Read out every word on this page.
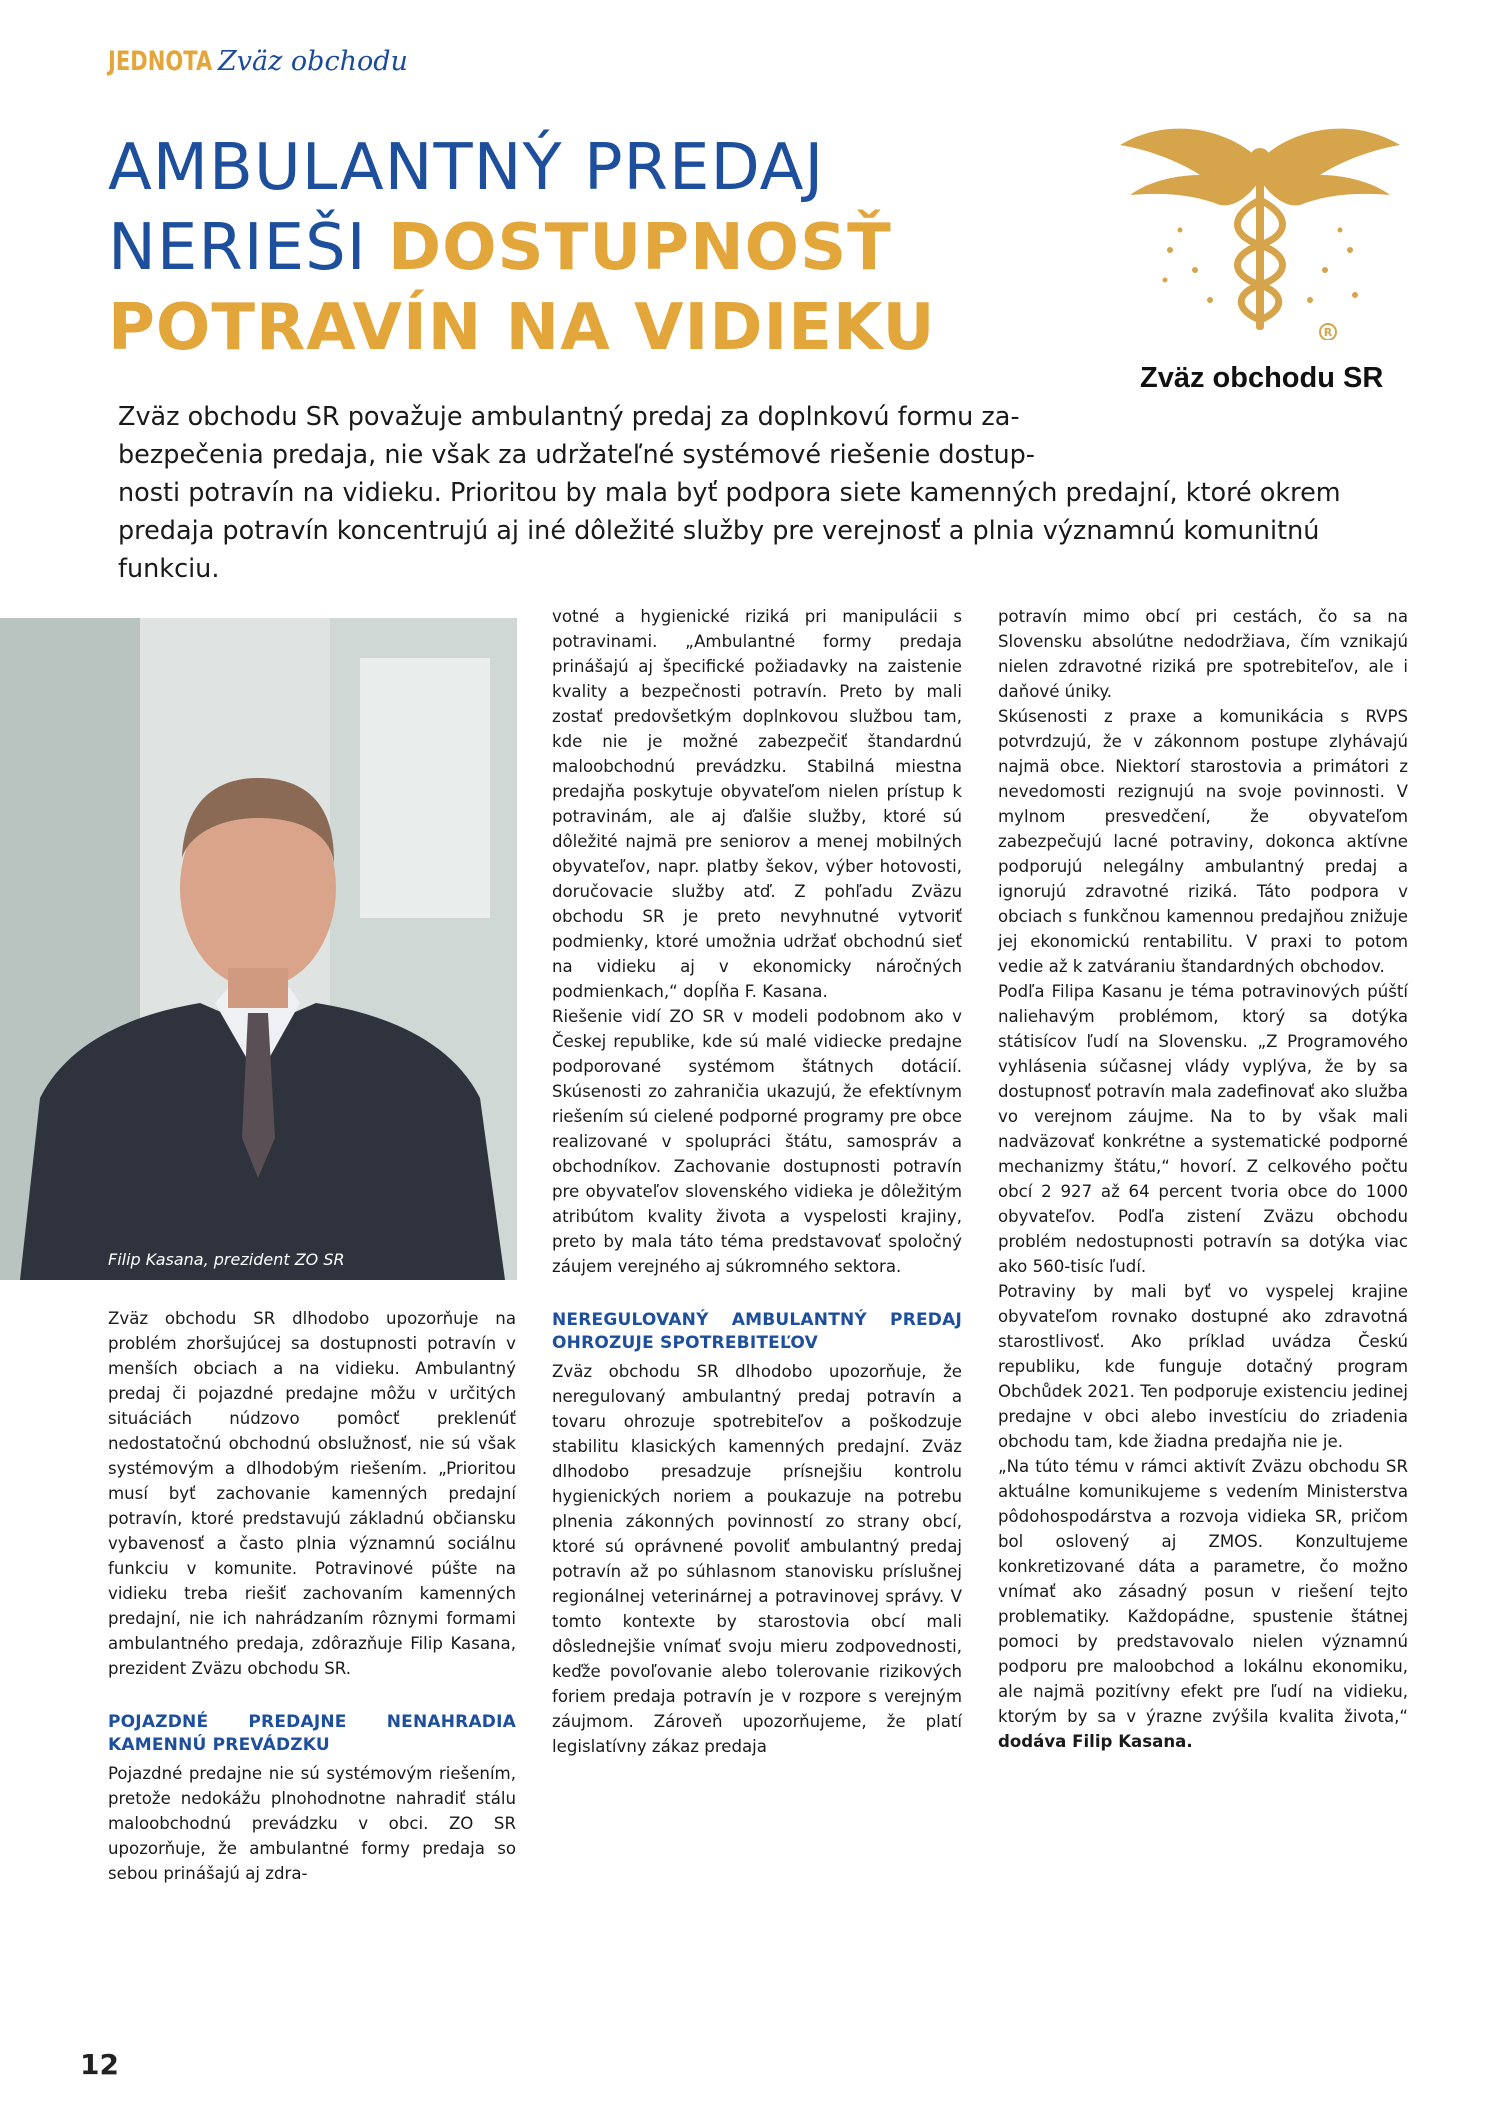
JEDNOTA Zväz obchodu
AMBULANTNÝ PREDAJ
NERIEŠI DOSTUPNOSŤ
POTRAVÍN NA VIDIEKU	R
Zväz obchodu SR
Zväz obchodu SR považuje ambulantný predaj za doplnkovú formu za-
bezpečenia predaja, nie však za udržateľné systémové riešenie dostup-
nosti potravín na vidieku. Prioritou by mala byť podpora siete kamenných predajní, ktoré okrem
predaja potravín koncentrujú aj iné dôležité služby pre verejnosť a plnia významnú komunitnú
funkciu.
Filip Kasana, prezident ZO SR

Zväz obchodu SR dlhodobo upozorňuje na problém zhoršujúcej sa dostupnosti potravín v menších obciach a na vidieku. Ambulantný predaj či pojazdné predajne môžu v určitých situáciách núdzovo pomôcť preklenúť nedostatočnú obchodnú obslužnosť, nie sú však systémovým a dlhodobým riešením. „Prioritou musí byť zachovanie kamenných predajní potravín, ktoré predstavujú základnú občiansku vybavenosť a často plnia významnú sociálnu funkciu v komunite. Potravinové púšte na vidieku treba riešiť zachovaním kamenných predajní, nie ich nahrádzaním rôznymi formami ambulantného predaja, zdôrazňuje Filip Kasana, prezident Zväzu obchodu SR.

POJAZDNÉ PREDAJNE NENAHRADIA KAMENNÚ PREVÁDZKU

Pojazdné predajne nie sú systémovým riešením, pretože nedokážu plnohodnotne nahradiť stálu maloobchodnú prevádzku v obci. ZO SR upozorňuje, že ambulantné formy predaja so sebou prinášajú aj zdra-

votné a hygienické riziká pri manipulácii s potravinami. „Ambulantné formy predaja prinášajú aj špecifické požiadavky na zaistenie kvality a bezpečnosti potravín. Preto by mali zostať predovšetkým doplnkovou službou tam, kde nie je možné zabezpečiť štandardnú maloobchodnú prevádzku. Stabilná miestna predajňa poskytuje obyvateľom nielen prístup k potravinám, ale aj ďalšie služby, ktoré sú dôležité najmä pre seniorov a menej mobilných obyvateľov, napr. platby šekov, výber hotovosti, doručovacie služby atď. Z pohľadu Zväzu obchodu SR je preto nevyhnutné vytvoriť podmienky, ktoré umožnia udržať obchodnú sieť na vidieku aj v ekonomicky náročných podmienkach,“ dopĺňa F. Kasana.

Riešenie vidí ZO SR v modeli podobnom ako v Českej republike, kde sú malé vidiecke predajne podporované systémom štátnych dotácií. Skúsenosti zo zahraničia ukazujú, že efektívnym riešením sú cielené podporné programy pre obce realizované v spolupráci štátu, samospráv a obchodníkov. Zachovanie dostupnosti potravín pre obyvateľov slovenského vidieka je dôležitým atribútom kvality života a vyspelosti krajiny, preto by mala táto téma predstavovať spoločný záujem verejného aj súkromného sektora.

NEREGULOVANÝ AMBULANTNÝ PREDAJ OHROZUJE SPOTREBITEĽOV

Zväz obchodu SR dlhodobo upozorňuje, že neregulovaný ambulantný predaj potravín a tovaru ohrozuje spotrebiteľov a poškodzuje stabilitu klasických kamenných predajní. Zväz dlhodobo presadzuje prísnejšiu kontrolu hygienických noriem a poukazuje na potrebu plnenia zákonných povinností zo strany obcí, ktoré sú oprávnené povoliť ambulantný predaj potravín až po súhlasnom stanovisku príslušnej regionálnej veterinárnej a potravinovej správy. V tomto kontexte by starostovia obcí mali dôslednejšie vnímať svoju mieru zodpovednosti, keďže povoľovanie alebo tolerovanie rizikových foriem predaja potravín je v rozpore s verejným záujmom. Zároveň upozorňujeme, že platí legislatívny zákaz predaja

potravín mimo obcí pri cestách, čo sa na Slovensku absolútne nedodržiava, čím vznikajú nielen zdravotné riziká pre spotrebiteľov, ale i daňové úniky.

Skúsenosti z praxe a komunikácia s RVPS potvrdzujú, že v zákonnom postupe zlyhávajú najmä obce. Niektorí starostovia a primátori z nevedomosti rezignujú na svoje povinnosti. V mylnom presvedčení, že obyvateľom zabezpečujú lacné potraviny, dokonca aktívne podporujú nelegálny ambulantný predaj a ignorujú zdravotné riziká. Táto podpora v obciach s funkčnou kamennou predajňou znižuje jej ekonomickú rentabilitu. V praxi to potom vedie až k zatváraniu štandardných obchodov.

Podľa Filipa Kasanu je téma potravinových púští naliehavým problémom, ktorý sa dotýka státisícov ľudí na Slovensku. „Z Programového vyhlásenia súčasnej vlády vyplýva, že by sa dostupnosť potravín mala zadefinovať ako služba vo verejnom záujme. Na to by však mali nadväzovať konkrétne a systematické podporné mechanizmy štátu,“ hovorí. Z celkového počtu obcí 2 927 až 64 percent tvoria obce do 1000 obyvateľov. Podľa zistení Zväzu obchodu problém nedostupnosti potravín sa dotýka viac ako 560-tisíc ľudí.

Potraviny by mali byť vo vyspelej krajine obyvateľom rovnako dostupné ako zdravotná starostlivosť. Ako príklad uvádza Českú republiku, kde funguje dotačný program Obchůdek 2021. Ten podporuje existenciu jedinej predajne v obci alebo investíciu do zriadenia obchodu tam, kde žiadna predajňa nie je.

„Na túto tému v rámci aktivít Zväzu obchodu SR aktuálne komunikujeme s vedením Ministerstva pôdohospodárstva a rozvoja vidieka SR, pričom bol oslovený aj ZMOS. Konzultujeme konkretizované dáta a parametre, čo možno vnímať ako zásadný posun v riešení tejto problematiky. Každopádne, spustenie štátnej pomoci by predstavovalo nielen významnú podporu pre maloobchod a lokálnu ekonomiku, ale najmä pozitívny efekt pre ľudí na vidieku, ktorým by sa v ýrazne zvýšila kvalita života,“ dodáva Filip Kasana.

12
